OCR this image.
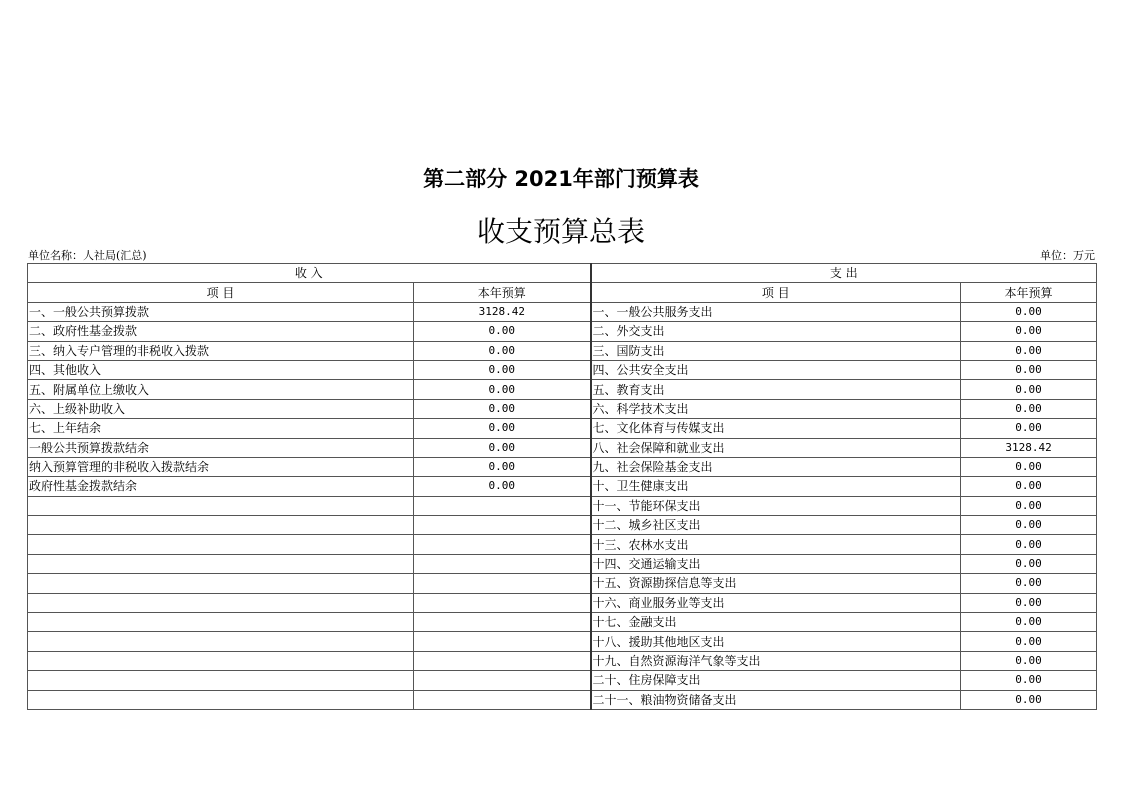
第二部分 2021年部门预算表
收支预算总表
单位名称：人社局(汇总)	单位：万元
收 入		支 出	
项 目	本年预算	项 目	本年预算
一、一般公共预算拨款	3128.42	一、一般公共服务支出	0.00
二、政府性基金拨款	0.00	二、外交支出	0.00
三、纳入专户管理的非税收入拨款	0.00	三、国防支出	0.00
四、其他收入	0.00	四、公共安全支出	0.00
五、附属单位上缴收入	0.00	五、教育支出	0.00
六、上级补助收入	0.00	六、科学技术支出	0.00
七、上年结余	0.00	七、文化体育与传媒支出	0.00
一般公共预算拨款结余	0.00	八、社会保障和就业支出	3128.42
纳入预算管理的非税收入拨款结余	0.00	九、社会保险基金支出	0.00
政府性基金拨款结余	0.00	十、卫生健康支出	0.00
		十一、节能环保支出	0.00
		十二、城乡社区支出	0.00
		十三、农林水支出	0.00
		十四、交通运输支出	0.00
		十五、资源勘探信息等支出	0.00
		十六、商业服务业等支出	0.00
		十七、金融支出	0.00
		十八、援助其他地区支出	0.00
		十九、自然资源海洋气象等支出	0.00
		二十、住房保障支出	0.00
		二十一、粮油物资储备支出	0.00
